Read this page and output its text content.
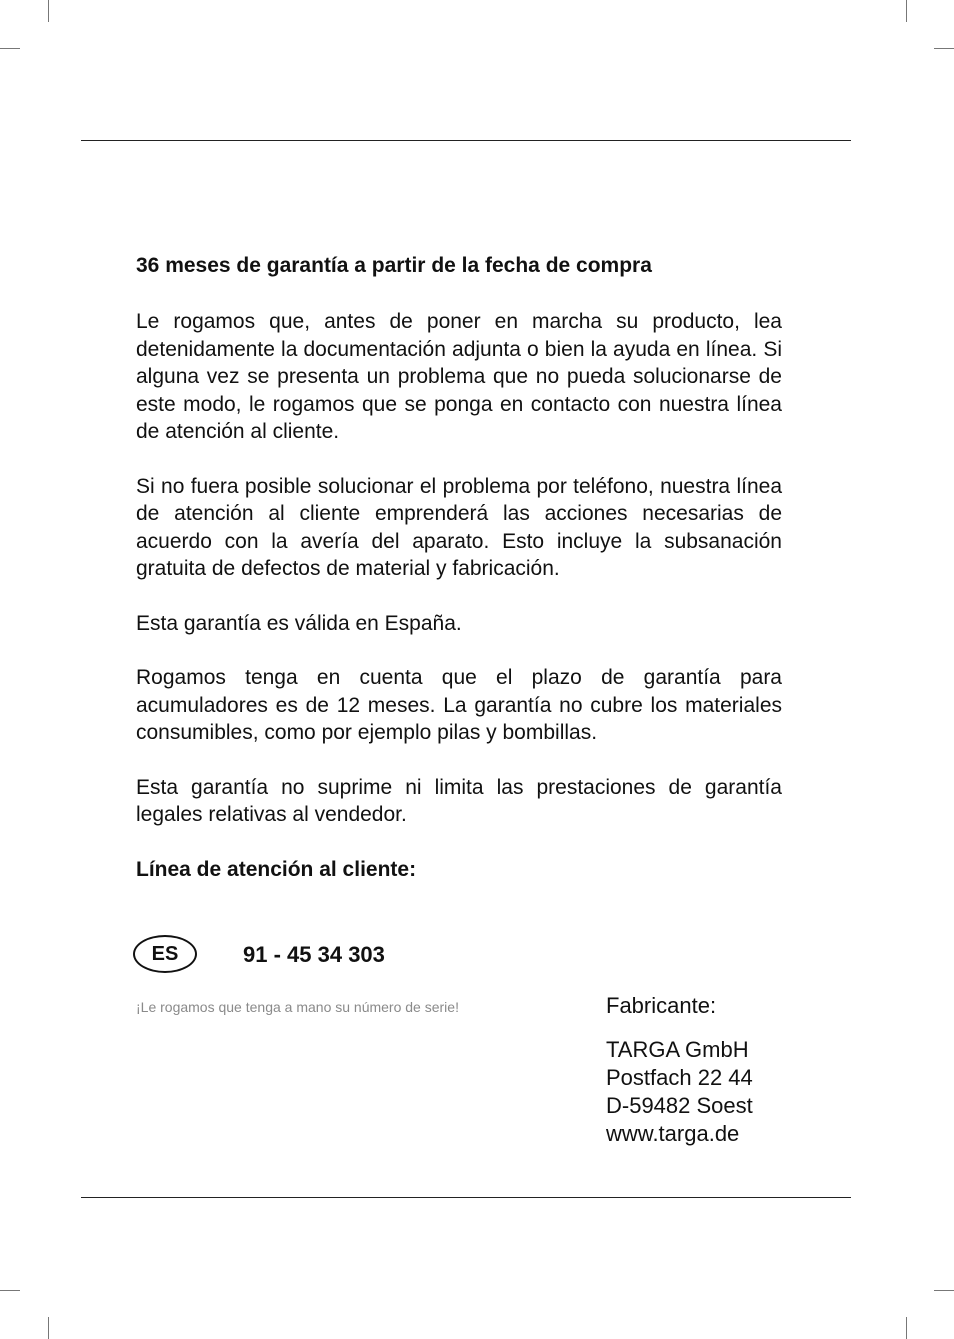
36 meses de garantía a partir de la fecha de compra

Le rogamos que, antes de poner en marcha su producto, lea detenidamente la documentación adjunta o bien la ayuda en línea. Si alguna vez se presenta un problema que no pueda solucionarse de este modo, le rogamos que se ponga en contacto con nuestra línea de atención al cliente.

Si no fuera posible solucionar el problema por teléfono, nuestra línea de atención al cliente emprenderá las acciones necesarias de acuerdo con la avería del aparato. Esto incluye la subsanación gratuita de defectos de material y fabricación.

Esta garantía es válida en España.

Rogamos tenga en cuenta que el plazo de garantía para acumuladores es de 12 meses. La garantía no cubre los materiales consumibles, como por ejemplo pilas y bombillas.

Esta garantía no suprime ni limita las prestaciones de garantía legales relativas al vendedor.

Línea de atención al cliente:

ES	91 - 45 34 303
¡Le rogamos que tenga a mano su número de serie!	Fabricante:

TARGA GmbH

Postfach 22 44

D-59482 Soest

www.targa.de
